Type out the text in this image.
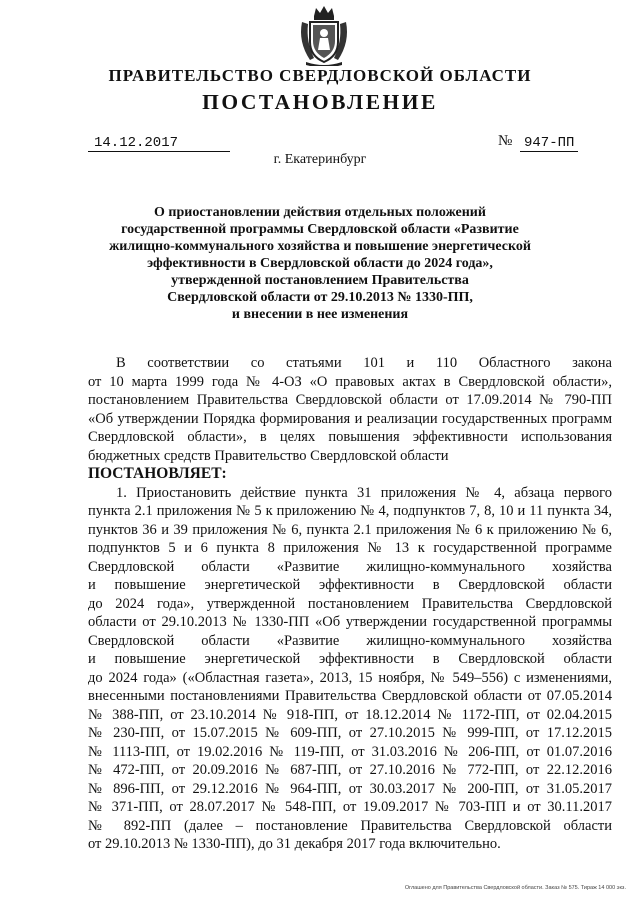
ПРАВИТЕЛЬСТВО СВЕРДЛОВСКОЙ ОБЛАСТИ
ПОСТАНОВЛЕНИЕ
14.12.2017	№ 947-ПП
г. Екатеринбург
О приостановлении действия отдельных положений
государственной программы Свердловской области «Развитие
жилищно-коммунального хозяйства и повышение энергетической
эффективности в Свердловской области до 2024 года»,
утвержденной постановлением Правительства
Свердловской области от 29.10.2013 № 1330-ПП,
и внесении в нее изменения
В соответствии со статьями 101 и 110 Областного закона
от 10 марта 1999 года № 4-ОЗ «О правовых актах в Свердловской области»,
постановлением Правительства Свердловской области от 17.09.2014 № 790-ПП
«Об утверждении Порядка формирования и реализации государственных программ
Свердловской области», в целях повышения эффективности использования
бюджетных средств Правительство Свердловской области
ПОСТАНОВЛЯЕТ:
1. Приостановить действие пункта 31 приложения № 4, абзаца первого
пункта 2.1 приложения № 5 к приложению № 4, подпунктов 7, 8, 10 и 11 пункта 34,
пунктов 36 и 39 приложения № 6, пункта 2.1 приложения № 6 к приложению № 6,
подпунктов 5 и 6 пункта 8 приложения № 13 к государственной программе
Свердловской области «Развитие жилищно-коммунального хозяйства
и повышение энергетической эффективности в Свердловской области
до 2024 года», утвержденной постановлением Правительства Свердловской
области от 29.10.2013 № 1330-ПП «Об утверждении государственной программы
Свердловской области «Развитие жилищно-коммунального хозяйства
и повышение энергетической эффективности в Свердловской области
до 2024 года» («Областная газета», 2013, 15 ноября, № 549–556) с изменениями,
внесенными постановлениями Правительства Свердловской области от 07.05.2014
№ 388-ПП, от 23.10.2014 № 918-ПП, от 18.12.2014 № 1172-ПП, от 02.04.2015
№ 230-ПП, от 15.07.2015 № 609-ПП, от 27.10.2015 № 999-ПП, от 17.12.2015
№ 1113-ПП, от 19.02.2016 № 119-ПП, от 31.03.2016 № 206-ПП, от 01.07.2016
№ 472-ПП, от 20.09.2016 № 687-ПП, от 27.10.2016 № 772-ПП, от 22.12.2016
№ 896-ПП, от 29.12.2016 № 964-ПП, от 30.03.2017 № 200-ПП, от 31.05.2017
№ 371-ПП, от 28.07.2017 № 548-ПП, от 19.09.2017 № 703-ПП и от 30.11.2017
№ 892-ПП (далее – постановление Правительства Свердловской области
от 29.10.2013 № 1330-ПП), до 31 декабря 2017 года включительно.
Оглашено для Правительства Свердловской области. Заказ № 575. Тираж 14 000 экз.
